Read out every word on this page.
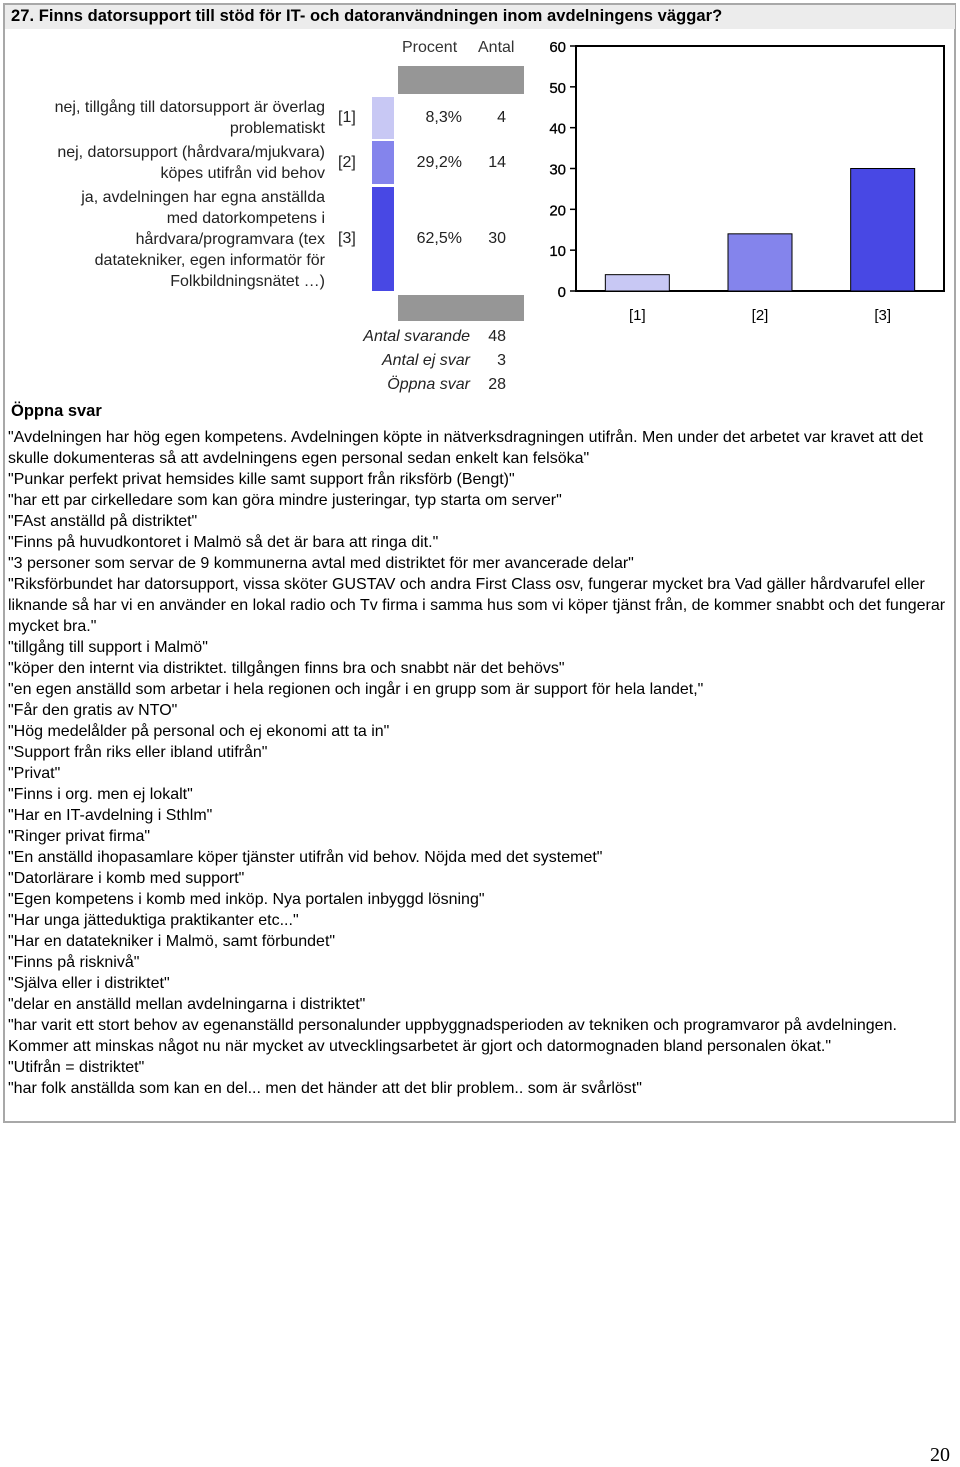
27. Finns datorsupport till stöd för IT- och datoranvändningen inom avdelningens väggar?
Procent Antal
nej, tillgång till datorsupport är överlag
problematiskt
[1]	8,3%	4
nej, datorsupport (hårdvara/mjukvara)
köpes utifrån vid behov
[2]	29,2%	14
ja, avdelningen har egna anställda
med datorkompetens i
hårdvara/programvara (tex
datatekniker, egen informatör för
Folkbildningsnätet …)
[3]	62,5%	30
Antal svarande	48
Antal ej svar	3
Öppna svar	28
0
10
20
30
40
50
60
[1]	[2]	[3]
Öppna svar
"Avdelningen har hög egen kompetens. Avdelningen köpte in nätverksdragningen utifrån. Men under det arbetet var kravet att det skulle dokumenteras så att avdelningens egen personal sedan enkelt kan felsöka"
"Punkar perfekt privat hemsides kille samt support från riksförb (Bengt)"
"har ett par cirkelledare som kan göra mindre justeringar, typ starta om server"
"FAst anställd på distriktet"
"Finns på huvudkontoret i Malmö så det är bara att ringa dit."
"3 personer som servar de 9 kommunerna avtal med distriktet för mer avancerade delar"
"Riksförbundet har datorsupport, vissa sköter GUSTAV och andra First Class osv, fungerar mycket bra Vad gäller hårdvarufel eller liknande så har vi en använder en lokal radio och Tv firma i samma hus som vi köper tjänst från, de kommer snabbt och det fungerar mycket bra."
"tillgång till support i Malmö"
"köper den internt via distriktet. tillgången finns bra och snabbt när det behövs"
"en egen anställd som arbetar i hela regionen och ingår i en grupp som är support för hela landet,"
"Får den gratis av NTO"
"Hög medelålder på personal och ej ekonomi att ta in"
"Support från riks eller ibland utifrån"
"Privat"
"Finns i org. men ej lokalt"
"Har en IT-avdelning i Sthlm"
"Ringer privat firma"
"En anställd ihopasamlare köper tjänster utifrån vid behov. Nöjda med det systemet"
"Datorlärare i komb med support"
"Egen kompetens i komb med inköp. Nya portalen inbyggd lösning"
"Har unga jätteduktiga praktikanter etc..."
"Har en datatekniker i Malmö, samt förbundet"
"Finns på risknivå"
"Själva eller i distriktet"
"delar en anställd mellan avdelningarna i distriktet"
"har varit ett stort behov av egenanställd personalunder uppbyggnadsperioden av tekniken och programvaror på avdelningen. Kommer att minskas något nu när mycket av utvecklingsarbetet är gjort och datormognaden bland personalen ökat."
"Utifrån = distriktet"
"har folk anställda som kan en del... men det händer att det blir problem.. som är svårlöst"
20
